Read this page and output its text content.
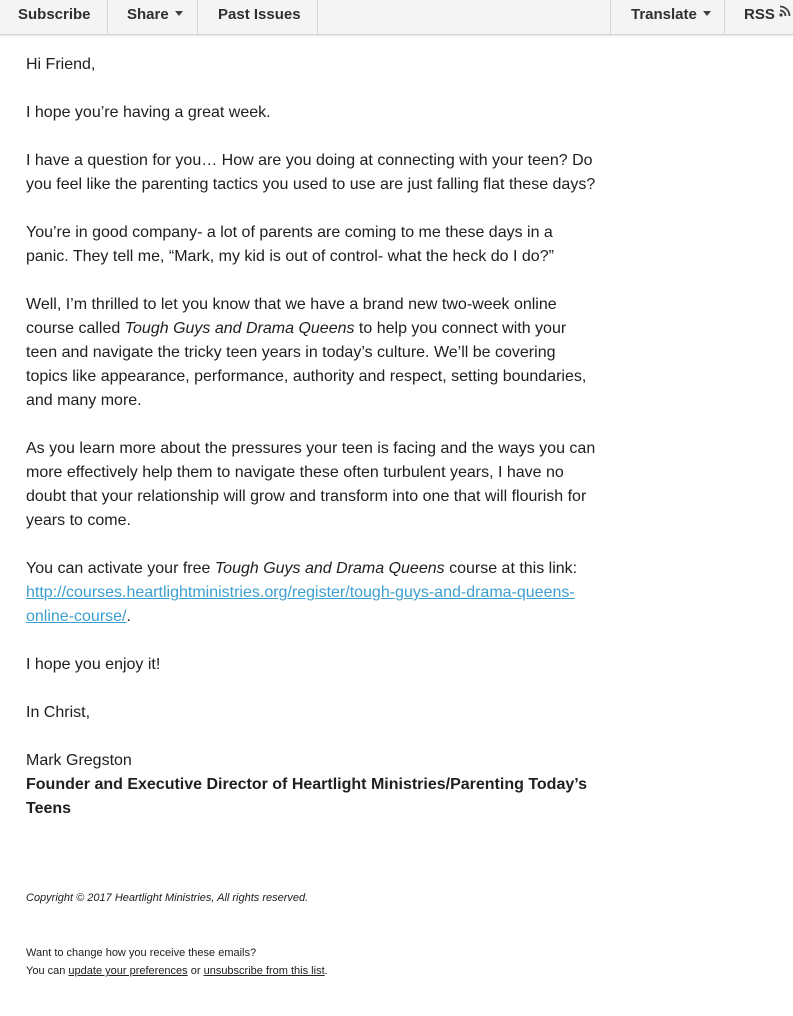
Subscribe	Share	Past Issues	Translate	RSS

Hi Friend,

I hope you’re having a great week.

I have a question for you… How are you doing at connecting with your teen? Do you feel like the parenting tactics you used to use are just falling flat these days?

You’re in good company- a lot of parents are coming to me these days in a panic. They tell me, “Mark, my kid is out of control- what the heck do I do?”

Well, I’m thrilled to let you know that we have a brand new two-week online course called Tough Guys and Drama Queens to help you connect with your teen and navigate the tricky teen years in today’s culture. We’ll be covering topics like appearance, performance, authority and respect, setting boundaries, and many more.

As you learn more about the pressures your teen is facing and the ways you can more effectively help them to navigate these often turbulent years, I have no doubt that your relationship will grow and transform into one that will flourish for years to come.

You can activate your free Tough Guys and Drama Queens course at this link:
http://courses.heartlightministries.org/register/tough-guys-and-drama-queens-online-course/.

I hope you enjoy it!

In Christ,

Mark Gregston

Founder and Executive Director of Heartlight Ministries/Parenting Today’s Teens

Copyright © 2017 Heartlight Ministries, All rights reserved.

Want to change how you receive these emails?
You can update your preferences or unsubscribe from this list.
